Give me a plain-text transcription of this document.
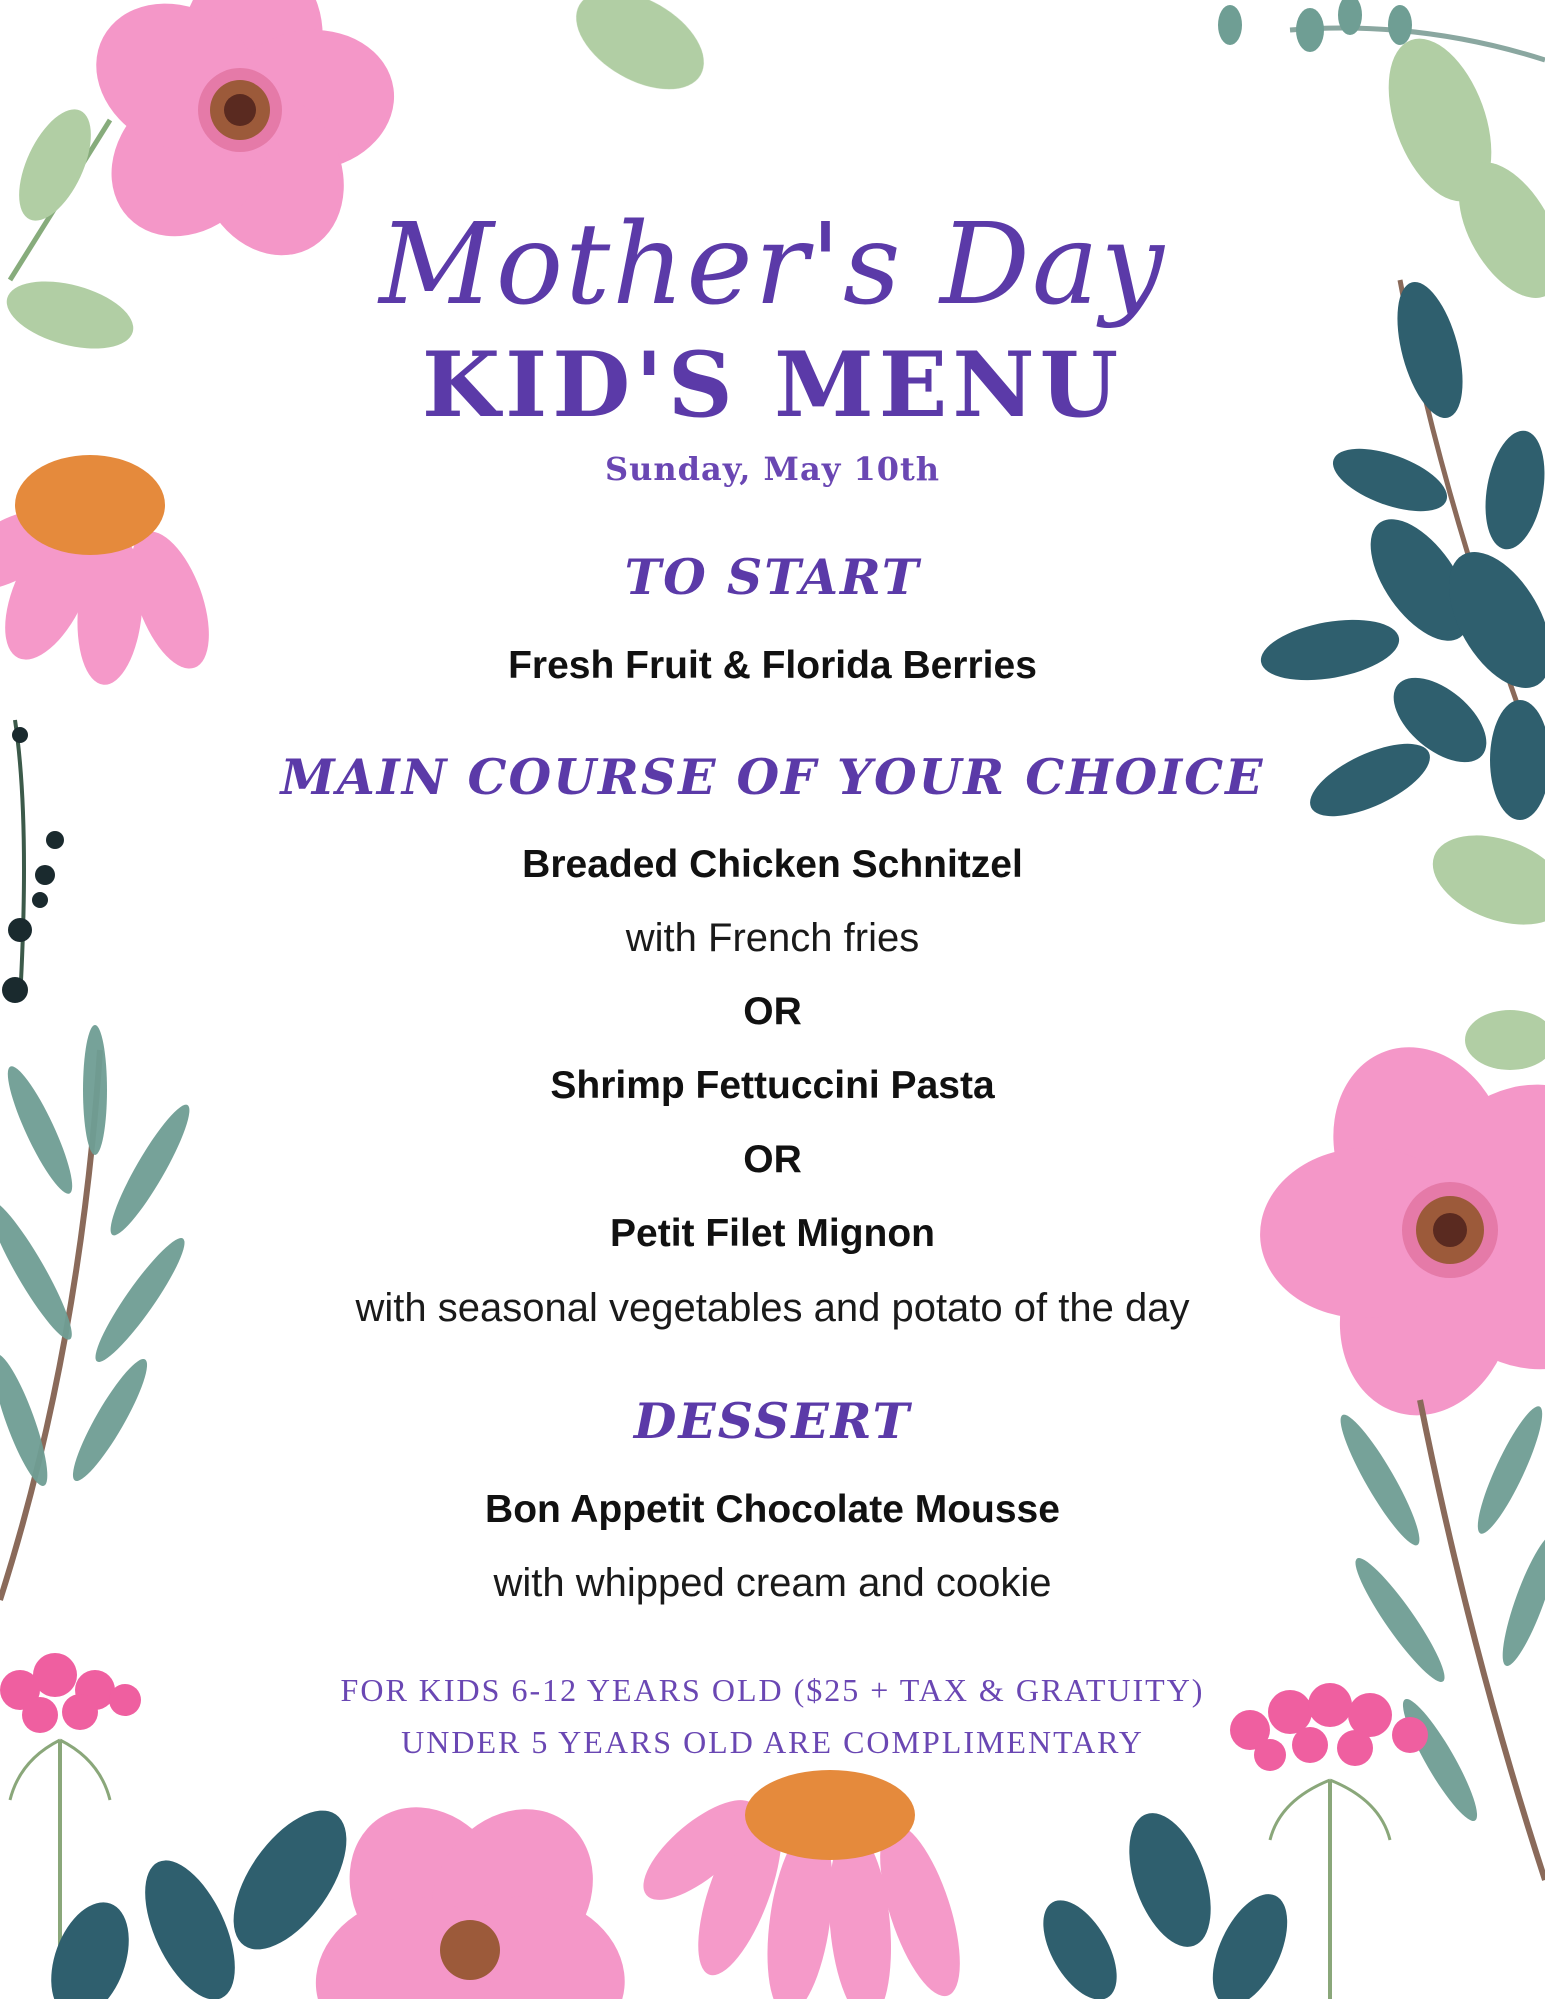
Mother's Day
KID'S MENU
Sunday, May 10th
TO START
Fresh Fruit & Florida Berries
MAIN COURSE OF YOUR CHOICE
Breaded Chicken Schnitzel
with French fries
OR
Shrimp Fettuccini Pasta
OR
Petit Filet Mignon
with seasonal vegetables and potato of the day
DESSERT
Bon Appetit Chocolate Mousse
with whipped cream and cookie
FOR KIDS 6-12 YEARS OLD ($25 + TAX & GRATUITY)
UNDER 5 YEARS OLD ARE COMPLIMENTARY
